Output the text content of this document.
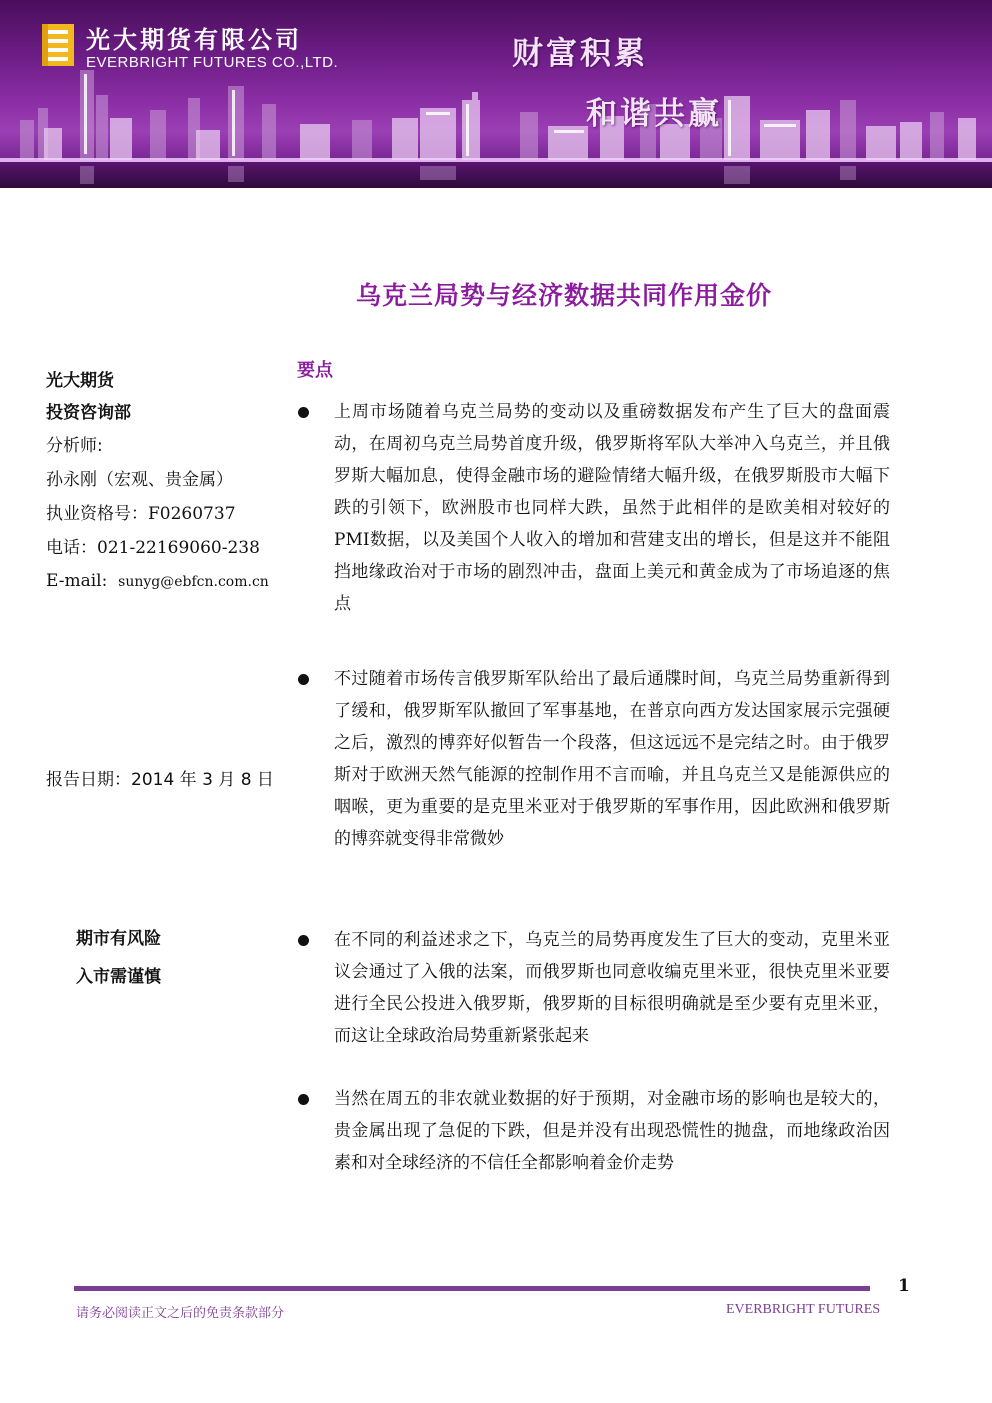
光大期货有限公司
EVERBRIGHT FUTURES CO.,LTD.	财富积累
和谐共赢
乌克兰局势与经济数据共同作用金价
光大期货
投资咨询部
分析师:
孙永刚（宏观、贵金属）
执业资格号：F0260737
电话：021-22169060-238
E-mail: sunyg@ebfcn.com.cn
报告日期：2014 年 3 月 8 日
期市有风险
入市需谨慎
要点
上周市场随着乌克兰局势的变动以及重磅数据发布产生了巨大的盘面震动，在周初乌克兰局势首度升级，俄罗斯将军队大举冲入乌克兰，并且俄罗斯大幅加息，使得金融市场的避险情绪大幅升级，在俄罗斯股市大幅下跌的引领下，欧洲股市也同样大跌，虽然于此相伴的是欧美相对较好的PMI数据，以及美国个人收入的增加和营建支出的增长，但是这并不能阻挡地缘政治对于市场的剧烈冲击，盘面上美元和黄金成为了市场追逐的焦点
不过随着市场传言俄罗斯军队给出了最后通牒时间，乌克兰局势重新得到了缓和，俄罗斯军队撤回了军事基地，在普京向西方发达国家展示完强硬之后，激烈的博弈好似暂告一个段落，但这远远不是完结之时。由于俄罗斯对于欧洲天然气能源的控制作用不言而喻，并且乌克兰又是能源供应的咽喉，更为重要的是克里米亚对于俄罗斯的军事作用，因此欧洲和俄罗斯的博弈就变得非常微妙
在不同的利益述求之下，乌克兰的局势再度发生了巨大的变动，克里米亚议会通过了入俄的法案，而俄罗斯也同意收编克里米亚，很快克里米亚要进行全民公投进入俄罗斯，俄罗斯的目标很明确就是至少要有克里米亚，而这让全球政治局势重新紧张起来
当然在周五的非农就业数据的好于预期，对金融市场的影响也是较大的，贵金属出现了急促的下跌，但是并没有出现恐慌性的抛盘，而地缘政治因素和对全球经济的不信任全都影响着金价走势
1
请务必阅读正文之后的免责条款部分	EVERBRIGHT FUTURES
